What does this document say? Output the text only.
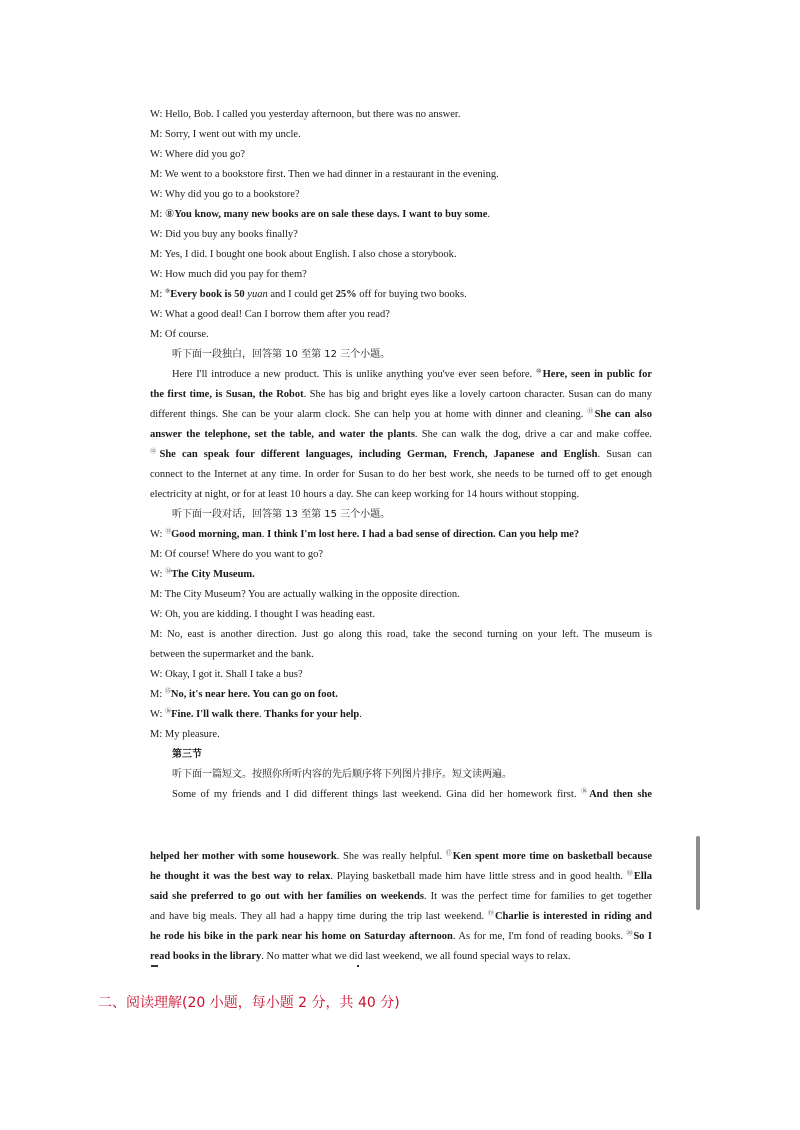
W: Hello, Bob. I called you yesterday afternoon, but there was no answer.
M: Sorry, I went out with my uncle.
W: Where did you go?
M: We went to a bookstore first. Then we had dinner in a restaurant in the evening.
W: Why did you go to a bookstore?
M: ⑧You know, many new books are on sale these days. I want to buy some.
W: Did you buy any books finally?
M: Yes, I did. I bought one book about English. I also chose a storybook.
W: How much did you pay for them?
M: ⑨Every book is 50 yuan and I could get 25% off for buying two books.
W: What a good deal! Can I borrow them after you read?
M: Of course.
听下面一段独白，回答第 10 至第 12 三个小题。
Here I'll introduce a new product. This is unlike anything you've ever seen before. ⑩Here, seen in public for
the first time, is Susan, the Robot. She has big and bright eyes like a lovely cartoon character. Susan can do many
different things. She can be your alarm clock. She can help you at home with dinner and cleaning. ⑪She can also
answer the telephone, set the table, and water the plants. She can walk the dog, drive a car and make coffee.
⑫She can speak four different languages, including German, French, Japanese and English. Susan can
connect to the Internet at any time. In order for Susan to do her best work, she needs to be turned off to get enough
electricity at night, or for at least 10 hours a day. She can keep working for 14 hours without stopping.
听下面一段对话，回答第 13 至第 15 三个小题。
W: ⑬Good morning, man. I think I'm lost here. I had a bad sense of direction. Can you help me?
M: Of course! Where do you want to go?
W: ⑭The City Museum.
M: The City Museum? You are actually walking in the opposite direction.
W: Oh, you are kidding. I thought I was heading east.
M: No, east is another direction. Just go along this road, take the second turning on your left. The museum is
between the supermarket and the bank.
W: Okay, I got it. Shall I take a bus?
M: ⑮No, it's near here. You can go on foot.
W: ⑯Fine. I'll walk there. Thanks for your help.
M: My pleasure.
第三节
听下面一篇短文。按照你所听内容的先后顺序将下列图片排序。短文读两遍。
Some of my friends and I did different things last weekend. Gina did her homework first. ⑯And then she
helped her mother with some housework. She was really helpful. ⑰Ken spent more time on basketball because
he thought it was the best way to relax. Playing basketball made him have little stress and in good health. ⑱Ella
said she preferred to go out with her families on weekends. It was the perfect time for families to get together
and have big meals. They all had a happy time during the trip last weekend. ⑲Charlie is interested in riding and
he rode his bike in the park near his home on Saturday afternoon. As for me, I'm fond of reading books. ⑳So I
read books in the library. No matter what we did last weekend, we all found special ways to relax.
二、阅读理解(20 小题，每小题 2 分，共 40 分)
